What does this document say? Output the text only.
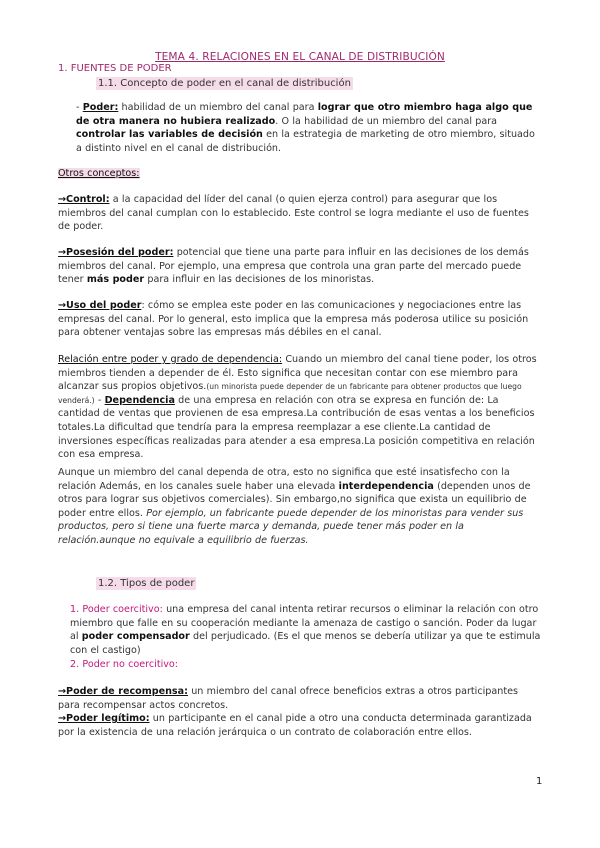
TEMA 4. RELACIONES EN EL CANAL DE DISTRIBUCIÓN
1. FUENTES DE PODER
1.1. Concepto de poder en el canal de distribución

- Poder: habilidad de un miembro del canal para lograr que otro miembro haga algo que de otra manera no hubiera realizado. O la habilidad de un miembro del canal para controlar las variables de decisión en la estrategia de marketing de otro miembro, situado a distinto nivel en el canal de distribución.

Otros conceptos:

→Control: a la capacidad del líder del canal (o quien ejerza control) para asegurar que los miembros del canal cumplan con lo establecido. Este control se logra mediante el uso de fuentes de poder.

→Posesión del poder: potencial que tiene una parte para influir en las decisiones de los demás miembros del canal. Por ejemplo, una empresa que controla una gran parte del mercado puede tener más poder para influir en las decisiones de los minoristas.

→Uso del poder: cómo se emplea este poder en las comunicaciones y negociaciones entre las empresas del canal. Por lo general, esto implica que la empresa más poderosa utilice su posición para obtener ventajas sobre las empresas más débiles en el canal.

Relación entre poder y grado de dependencia: Cuando un miembro del canal tiene poder, los otros miembros tienden a depender de él. Esto significa que necesitan contar con ese miembro para alcanzar sus propios objetivos.(un minorista puede depender de un fabricante para obtener productos que luego venderá.) - Dependencia de una empresa en relación con otra se expresa en función de: La cantidad de ventas que provienen de esa empresa.La contribución de esas ventas a los beneficios totales.La dificultad que tendría para la empresa reemplazar a ese cliente.La cantidad de inversiones específicas realizadas para atender a esa empresa.La posición competitiva en relación con esa empresa.

Aunque un miembro del canal dependa de otra, esto no significa que esté insatisfecho con la relación Además, en los canales suele haber una elevada interdependencia (dependen unos de otros para lograr sus objetivos comerciales). Sin embargo,no significa que exista un equilibrio de poder entre ellos. Por ejemplo, un fabricante puede depender de los minoristas para vender sus productos, pero si tiene una fuerte marca y demanda, puede tener más poder en la relación.aunque no equivale a equilibrio de fuerzas.

1.2. Tipos de poder

1. Poder coercitivo: una empresa del canal intenta retirar recursos o eliminar la relación con otro miembro que falle en su cooperación mediante la amenaza de castigo o sanción. Poder da lugar al poder compensador del perjudicado. (Es el que menos se debería utilizar ya que te estimula con el castigo)

2. Poder no coercitivo:

→Poder de recompensa: un miembro del canal ofrece beneficios extras a otros participantes para recompensar actos concretos.

→Poder legítimo: un participante en el canal pide a otro una conducta determinada garantizada por la existencia de una relación jerárquica o un contrato de colaboración entre ellos.

1
